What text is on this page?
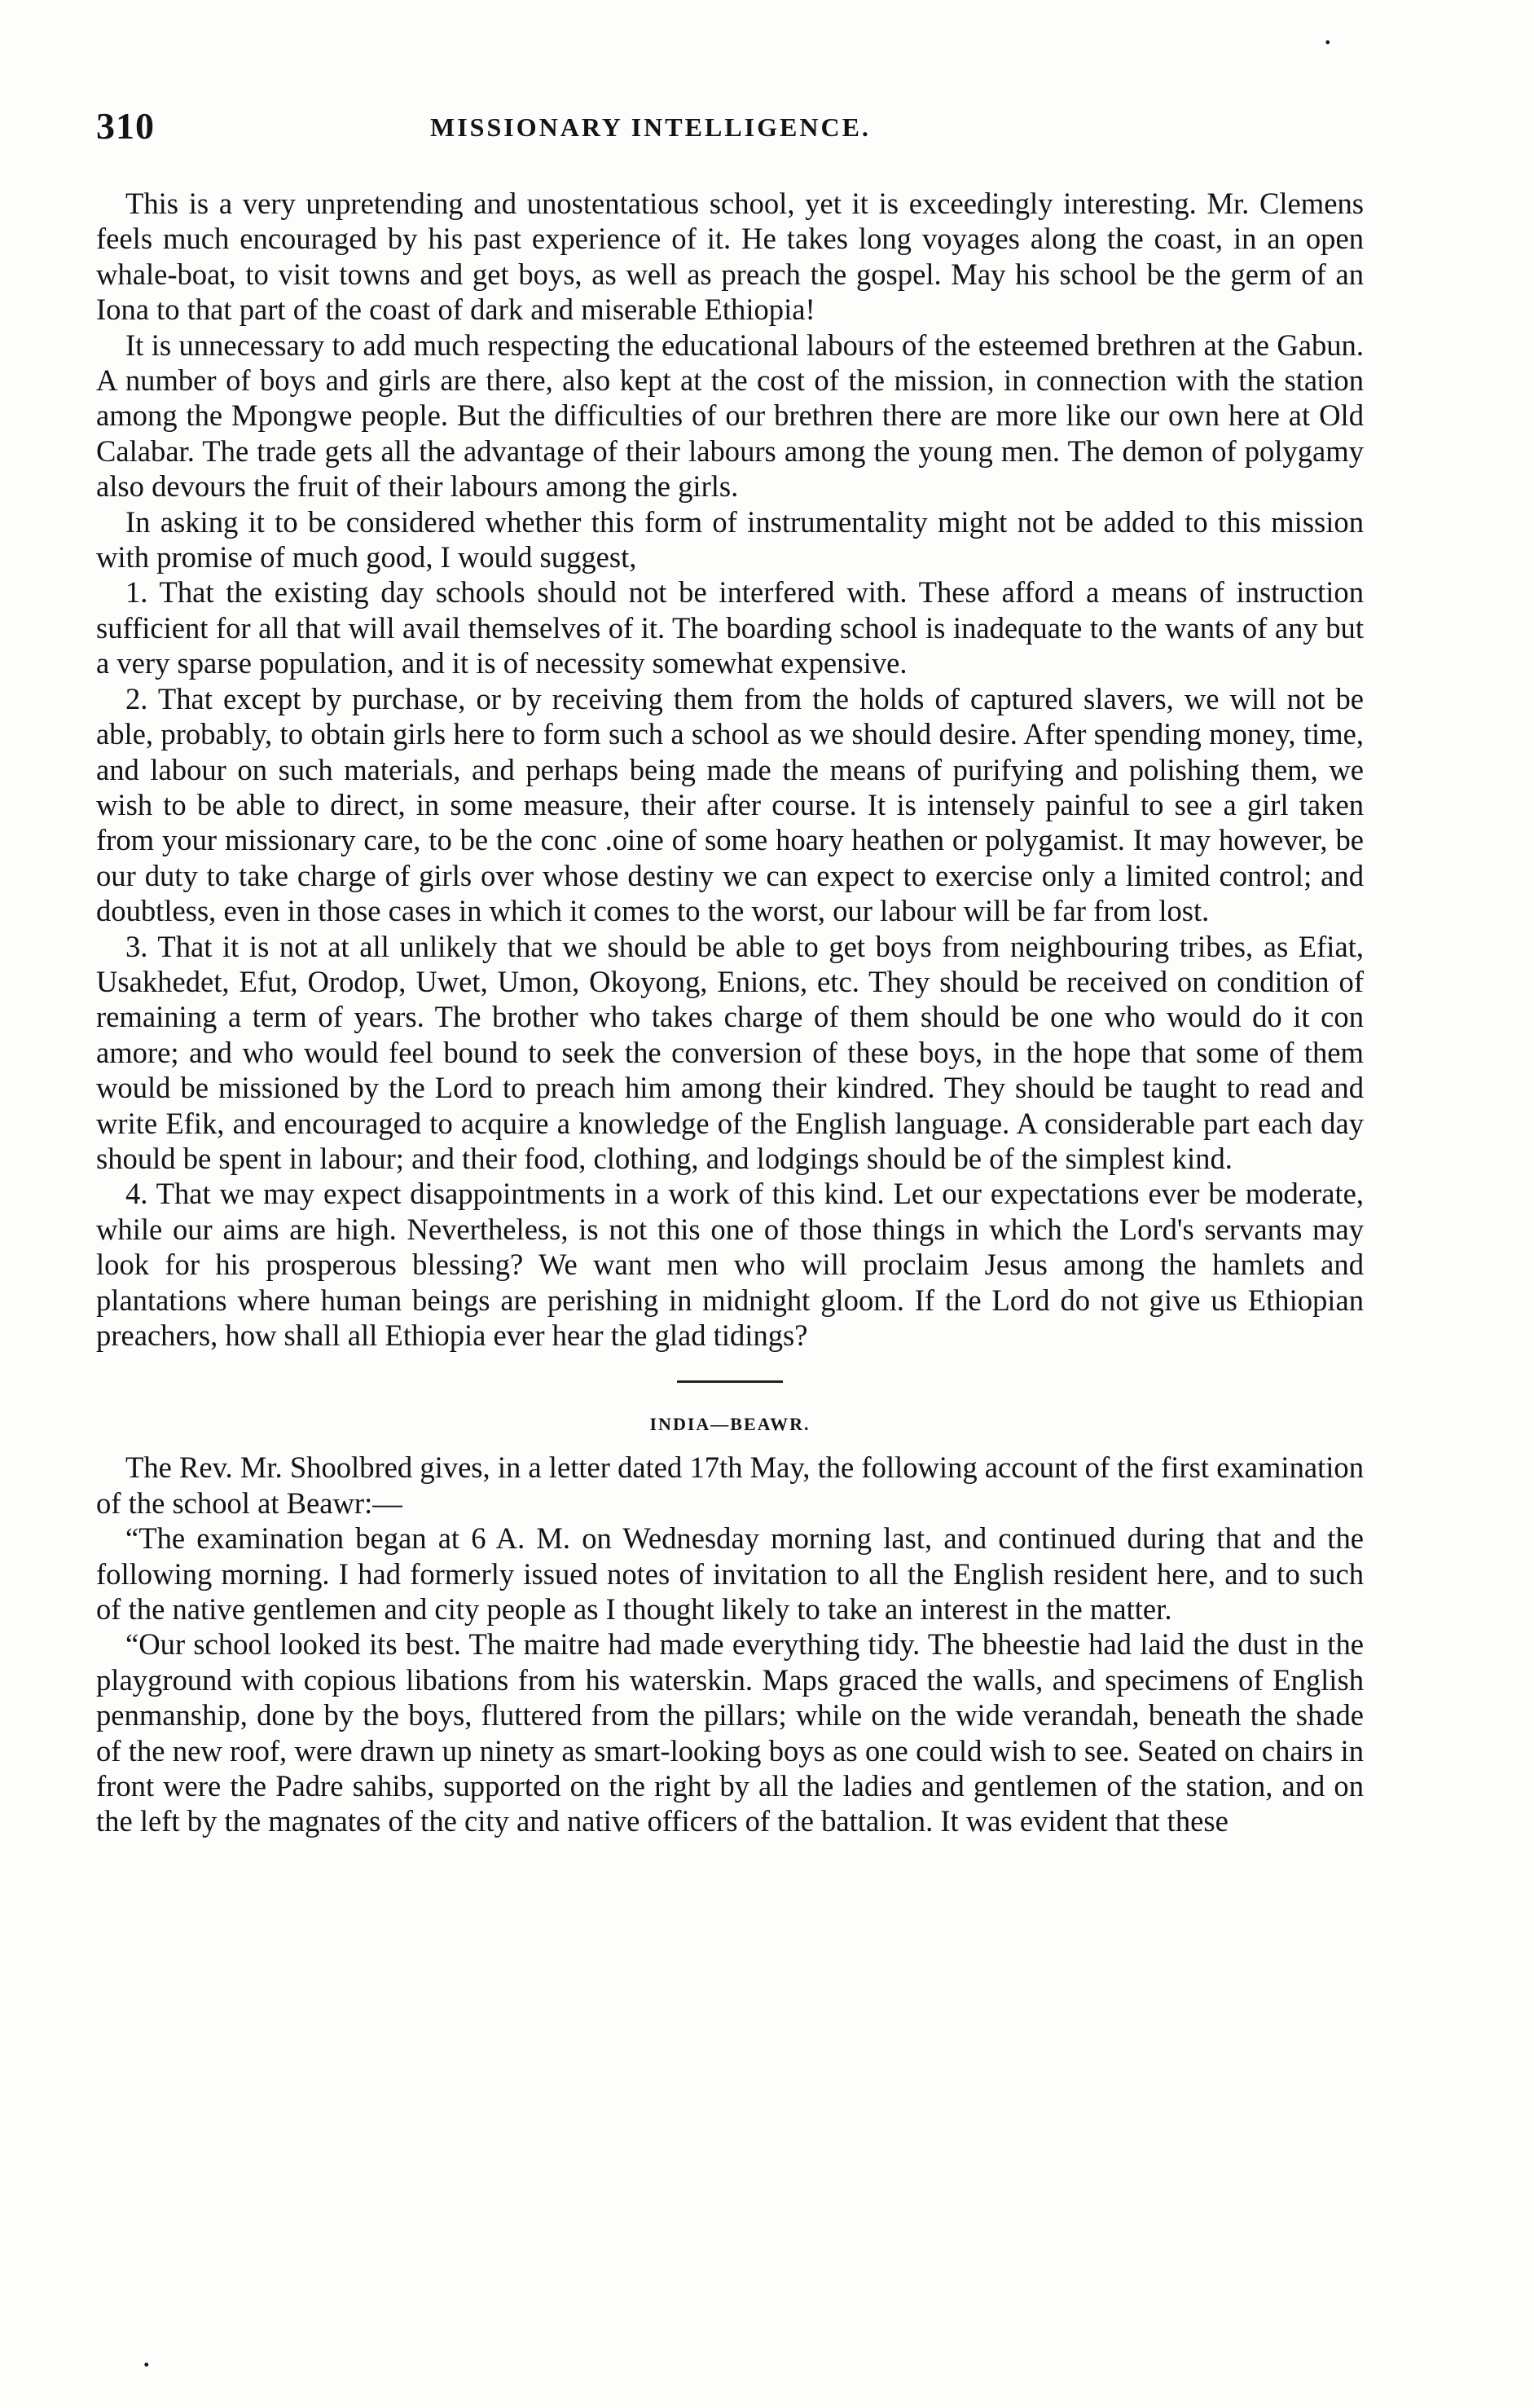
.
310	MISSIONARY INTELLIGENCE.

This is a very unpretending and unostentatious school, yet it is exceedingly interesting. Mr. Clemens feels much encouraged by his past experience of it. He takes long voyages along the coast, in an open whale-boat, to visit towns and get boys, as well as preach the gospel. May his school be the germ of an Iona to that part of the coast of dark and miserable Ethiopia!

It is unnecessary to add much respecting the educational labours of the esteemed brethren at the Gabun. A number of boys and girls are there, also kept at the cost of the mission, in connection with the station among the Mpongwe people. But the difficulties of our brethren there are more like our own here at Old Calabar. The trade gets all the advantage of their labours among the young men. The demon of polygamy also devours the fruit of their labours among the girls.

In asking it to be considered whether this form of instrumentality might not be added to this mission with promise of much good, I would suggest,

1. That the existing day schools should not be interfered with. These afford a means of instruction sufficient for all that will avail themselves of it. The boarding school is inadequate to the wants of any but a very sparse population, and it is of necessity somewhat expensive.

2. That except by purchase, or by receiving them from the holds of captured slavers, we will not be able, probably, to obtain girls here to form such a school as we should desire. After spending money, time, and labour on such materials, and perhaps being made the means of purifying and polishing them, we wish to be able to direct, in some measure, their after course. It is intensely painful to see a girl taken from your missionary care, to be the conc .oine of some hoary heathen or polygamist. It may however, be our duty to take charge of girls over whose destiny we can expect to exercise only a limited control; and doubtless, even in those cases in which it comes to the worst, our labour will be far from lost.

3. That it is not at all unlikely that we should be able to get boys from neighbouring tribes, as Efiat, Usakhedet, Efut, Orodop, Uwet, Umon, Okoyong, Enions, etc. They should be received on condition of remaining a term of years. The brother who takes charge of them should be one who would do it con amore; and who would feel bound to seek the conversion of these boys, in the hope that some of them would be missioned by the Lord to preach him among their kindred. They should be taught to read and write Efik, and encouraged to acquire a knowledge of the English language. A considerable part each day should be spent in labour; and their food, clothing, and lodgings should be of the simplest kind.

4. That we may expect disappointments in a work of this kind. Let our expectations ever be moderate, while our aims are high. Nevertheless, is not this one of those things in which the Lord's servants may look for his prosperous blessing? We want men who will proclaim Jesus among the hamlets and plantations where human beings are perishing in midnight gloom. If the Lord do not give us Ethiopian preachers, how shall all Ethiopia ever hear the glad tidings?

INDIA—BEAWR.

The Rev. Mr. Shoolbred gives, in a letter dated 17th May, the following account of the first examination of the school at Beawr:—

“The examination began at 6 A. M. on Wednesday morning last, and continued during that and the following morning. I had formerly issued notes of invitation to all the English resident here, and to such of the native gentlemen and city people as I thought likely to take an interest in the matter.

“Our school looked its best. The maitre had made everything tidy. The bheestie had laid the dust in the playground with copious libations from his waterskin. Maps graced the walls, and specimens of English penmanship, done by the boys, fluttered from the pillars; while on the wide verandah, beneath the shade of the new roof, were drawn up ninety as smart-looking boys as one could wish to see. Seated on chairs in front were the Padre sahibs, supported on the right by all the ladies and gentlemen of the station, and on the left by the magnates of the city and native officers of the battalion. It was evident that these

.
